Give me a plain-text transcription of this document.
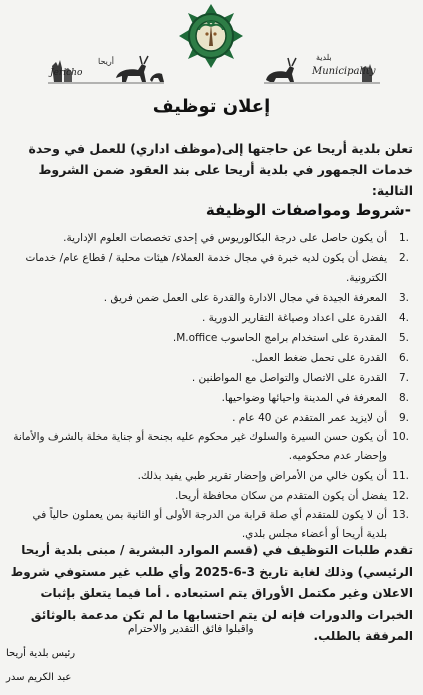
Jericho
أريحا
Municipality
بلدية
إعلان توظيف
تعلن بلدية أريحا عن حاجتها إلى(موظف اداري) للعمل في وحدة خدمات الجمهور في بلدية أريحا على بند العقود ضمن الشروط التالية:
-شروط ومواصفات الوظيفة
.1
أن يكون حاصل على درجة البكالوريوس في إحدى تخصصات العلوم الإدارية.
.2
يفضل أن يكون لديه خبرة في مجال خدمة العملاء/ هيئات محلية / قطاع عام/ خدمات الكترونية.
.3
المعرفة الجيدة في مجال الادارة والقدرة على العمل ضمن فريق .
.4
القدرة على اعداد وصياغة التقارير الدورية .
.5
المقدرة على استخدام برامج الحاسوب M.office.
.6
القدرة على تحمل ضغط العمل.
.7
القدرة على الاتصال والتواصل مع المواطنين .
.8
المعرفة في المدينة واحيائها وضواحيها.
.9
أن لايزيد عمر المتقدم عن 40 عام .
.10
أن يكون حسن السيرة والسلوك غير محكوم عليه بجنحة أو جناية مخلة بالشرف والأمانة وإحضار عدم محكوميه.
.11
أن يكون خالي من الأمراض وإحضار تقرير طبي يفيد بذلك.
.12
يفضل أن يكون المتقدم من سكان محافظة أريحا.
.13
أن لا يكون للمتقدم أي صلة قرابة من الدرجة الأولى أو الثانية بمن يعملون حالياً في بلدية أريحا أو أعضاء مجلس بلدي.
تقدم طلبات التوظيف في (قسم الموارد البشرية / مبنى بلدية أريحا الرئيسي) وذلك لغاية تاريخ 3-6-2025 وأي طلب غير مستوفي شروط الاعلان وغير مكتمل الأوراق يتم استبعاده . أما فيما يتعلق بإثبات الخبرات والدورات فإنه لن يتم احتسابها ما لم تكن مدعمة بالوثائق المرفقة بالطلب.
واقبلوا فائق التقدير والاحترام
رئيس بلدية أريحا
عبد الكريم سدر
